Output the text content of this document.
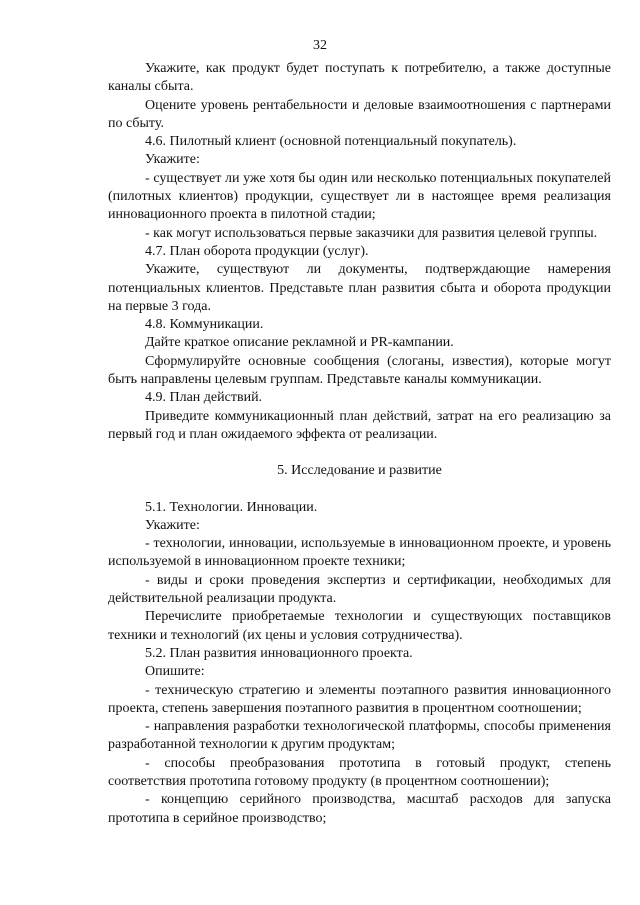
32

Укажите, как продукт будет поступать к потребителю, а также доступные каналы сбыта.

Оцените уровень рентабельности и деловые взаимоотношения с партнерами по сбыту.

4.6. Пилотный клиент (основной потенциальный покупатель).

Укажите:

- существует ли уже хотя бы один или несколько потенциальных покупателей (пилотных клиентов) продукции, существует ли в настоящее время реализация инновационного проекта в пилотной стадии;

- как могут использоваться первые заказчики для развития целевой группы.

4.7. План оборота продукции (услуг).

Укажите, существуют ли документы, подтверждающие намерения потенциальных клиентов. Представьте план развития сбыта и оборота продукции на первые 3 года.

4.8. Коммуникации.

Дайте краткое описание рекламной и PR-кампании.

Сформулируйте основные сообщения (слоганы, известия), которые могут быть направлены целевым группам. Представьте каналы коммуникации.

4.9. План действий.

Приведите коммуникационный план действий, затрат на его реализацию за первый год и план ожидаемого эффекта от реализации.

5. Исследование и развитие

5.1. Технологии. Инновации.

Укажите:

- технологии, инновации, используемые в инновационном проекте, и уровень используемой в инновационном проекте техники;

- виды и сроки проведения экспертиз и сертификации, необходимых для действительной реализации продукта.

Перечислите приобретаемые технологии и существующих поставщиков техники и технологий (их цены и условия сотрудничества).

5.2. План развития инновационного проекта.

Опишите:

- техническую стратегию и элементы поэтапного развития инновационного проекта, степень завершения поэтапного развития в процентном соотношении;

- направления разработки технологической платформы, способы применения разработанной технологии к другим продуктам;

- способы преобразования прототипа в готовый продукт, степень соответствия прототипа готовому продукту (в процентном соотношении);

- концепцию серийного производства, масштаб расходов для запуска прототипа в серийное производство;
